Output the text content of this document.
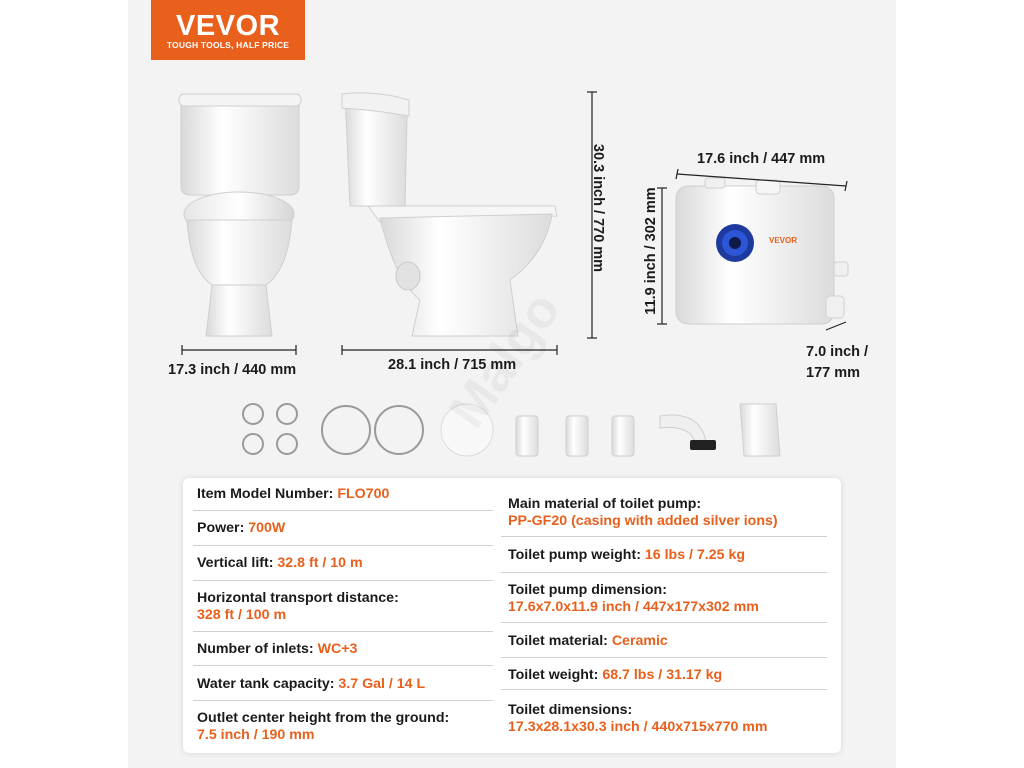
VEVOR
TOUGH TOOLS, HALF PRICE
17.3 inch / 440 mm	28.1 inch / 715 mm
30.3 inch / 770 mm	17.6 inch / 447 mm
11.9 inch / 302 mm
7.0 inch /
177 mm
Item Model Number: FLO700
Power: 700W
Vertical lift: 32.8 ft / 10 m
Horizontal transport distance:
328 ft / 100 m
Number of inlets: WC+3
Water tank capacity: 3.7 Gal / 14 L
Outlet center height from the ground:
7.5 inch / 190 mm
Main material of toilet pump:
PP-GF20 (casing with added silver ions)
Toilet pump weight: 16 lbs / 7.25 kg
Toilet pump dimension:
17.6x7.0x11.9 inch / 447x177x302 mm
Toilet material: Ceramic
Toilet weight: 68.7 lbs / 31.17 kg
Toilet dimensions:
17.3x28.1x30.3 inch / 440x715x770 mm
VEVOR
